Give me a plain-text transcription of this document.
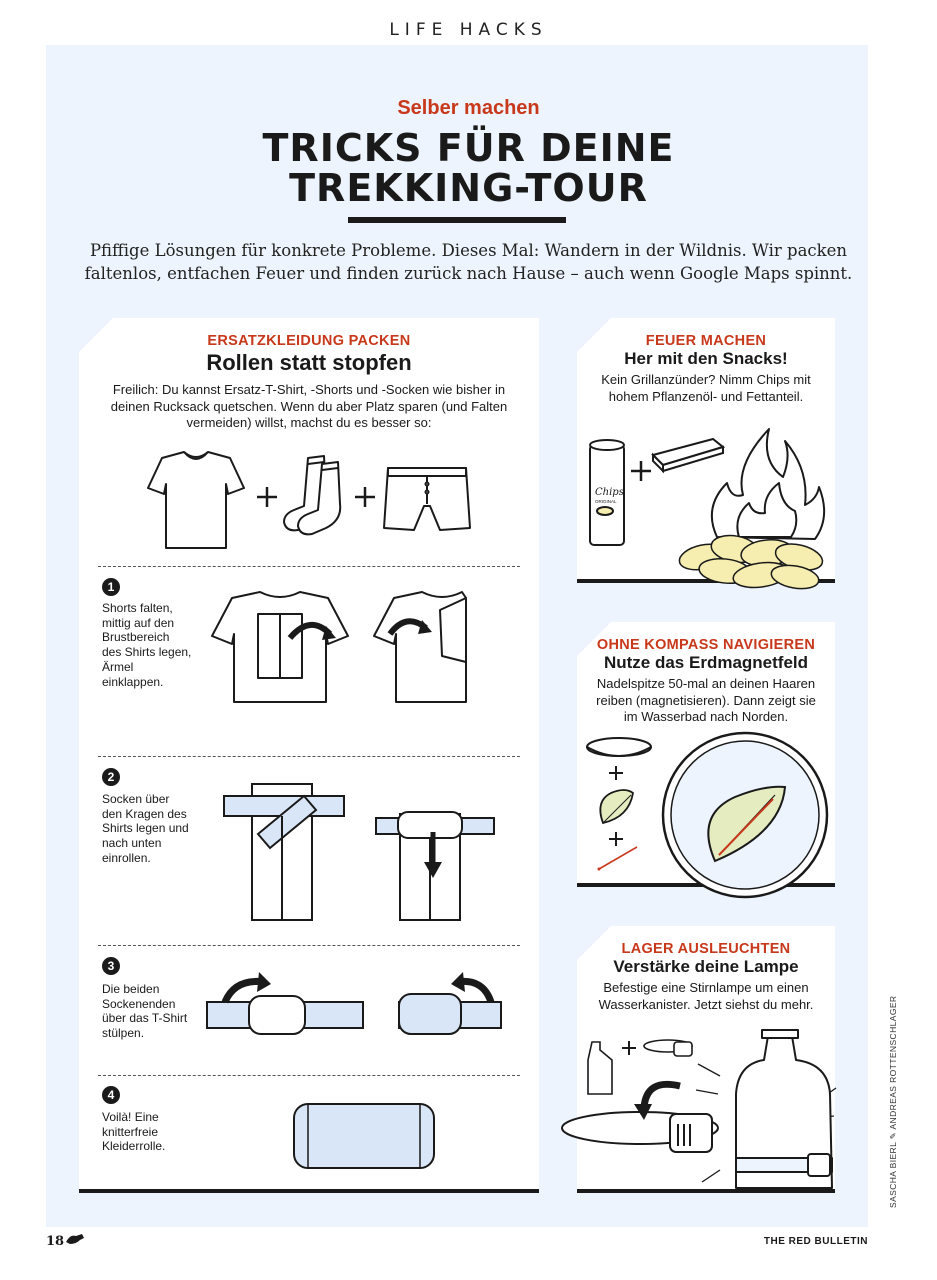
LIFE HACKS
Selber machen
TRICKS FÜR DEINE
TREKKING-TOUR
Pfiffige Lösungen für konkrete Probleme. Dieses Mal: Wandern in der Wildnis. Wir packen faltenlos, entfachen Feuer und finden zurück nach Hause – auch wenn Google Maps spinnt.
ERSATZKLEIDUNG PACKEN
Rollen statt stopfen
Freilich: Du kannst Ersatz-T-Shirt, -Shorts und -Socken wie bisher in deinen Rucksack quetschen. Wenn du aber Platz sparen (und Falten vermeiden) willst, machst du es besser so:
1
Shorts falten, mittig auf den Brustbereich des Shirts legen, Ärmel einklappen.
2
Socken über den Kragen des Shirts legen und nach unten einrollen.
3
Die beiden Sockenenden über das T-Shirt stülpen.
4
Voilà! Eine knitterfreie Kleiderrolle.
FEUER MACHEN
Her mit den Snacks!
Kein Grillanzünder? Nimm Chips mit hohem Pflanzenöl- und Fettanteil.
Chips
ORIGINAL
OHNE KOMPASS NAVIGIEREN
Nutze das Erdmagnetfeld
Nadelspitze 50-mal an deinen Haaren reiben (magnetisieren). Dann zeigt sie im Wasserbad nach Norden.
LAGER AUSLEUCHTEN
Verstärke deine Lampe
Befestige eine Stirnlampe um einen Wasserkanister. Jetzt siehst du mehr.
18	THE RED BULLETIN
SASCHA BIERL ✎ ANDREAS ROTTENSCHLAGER
